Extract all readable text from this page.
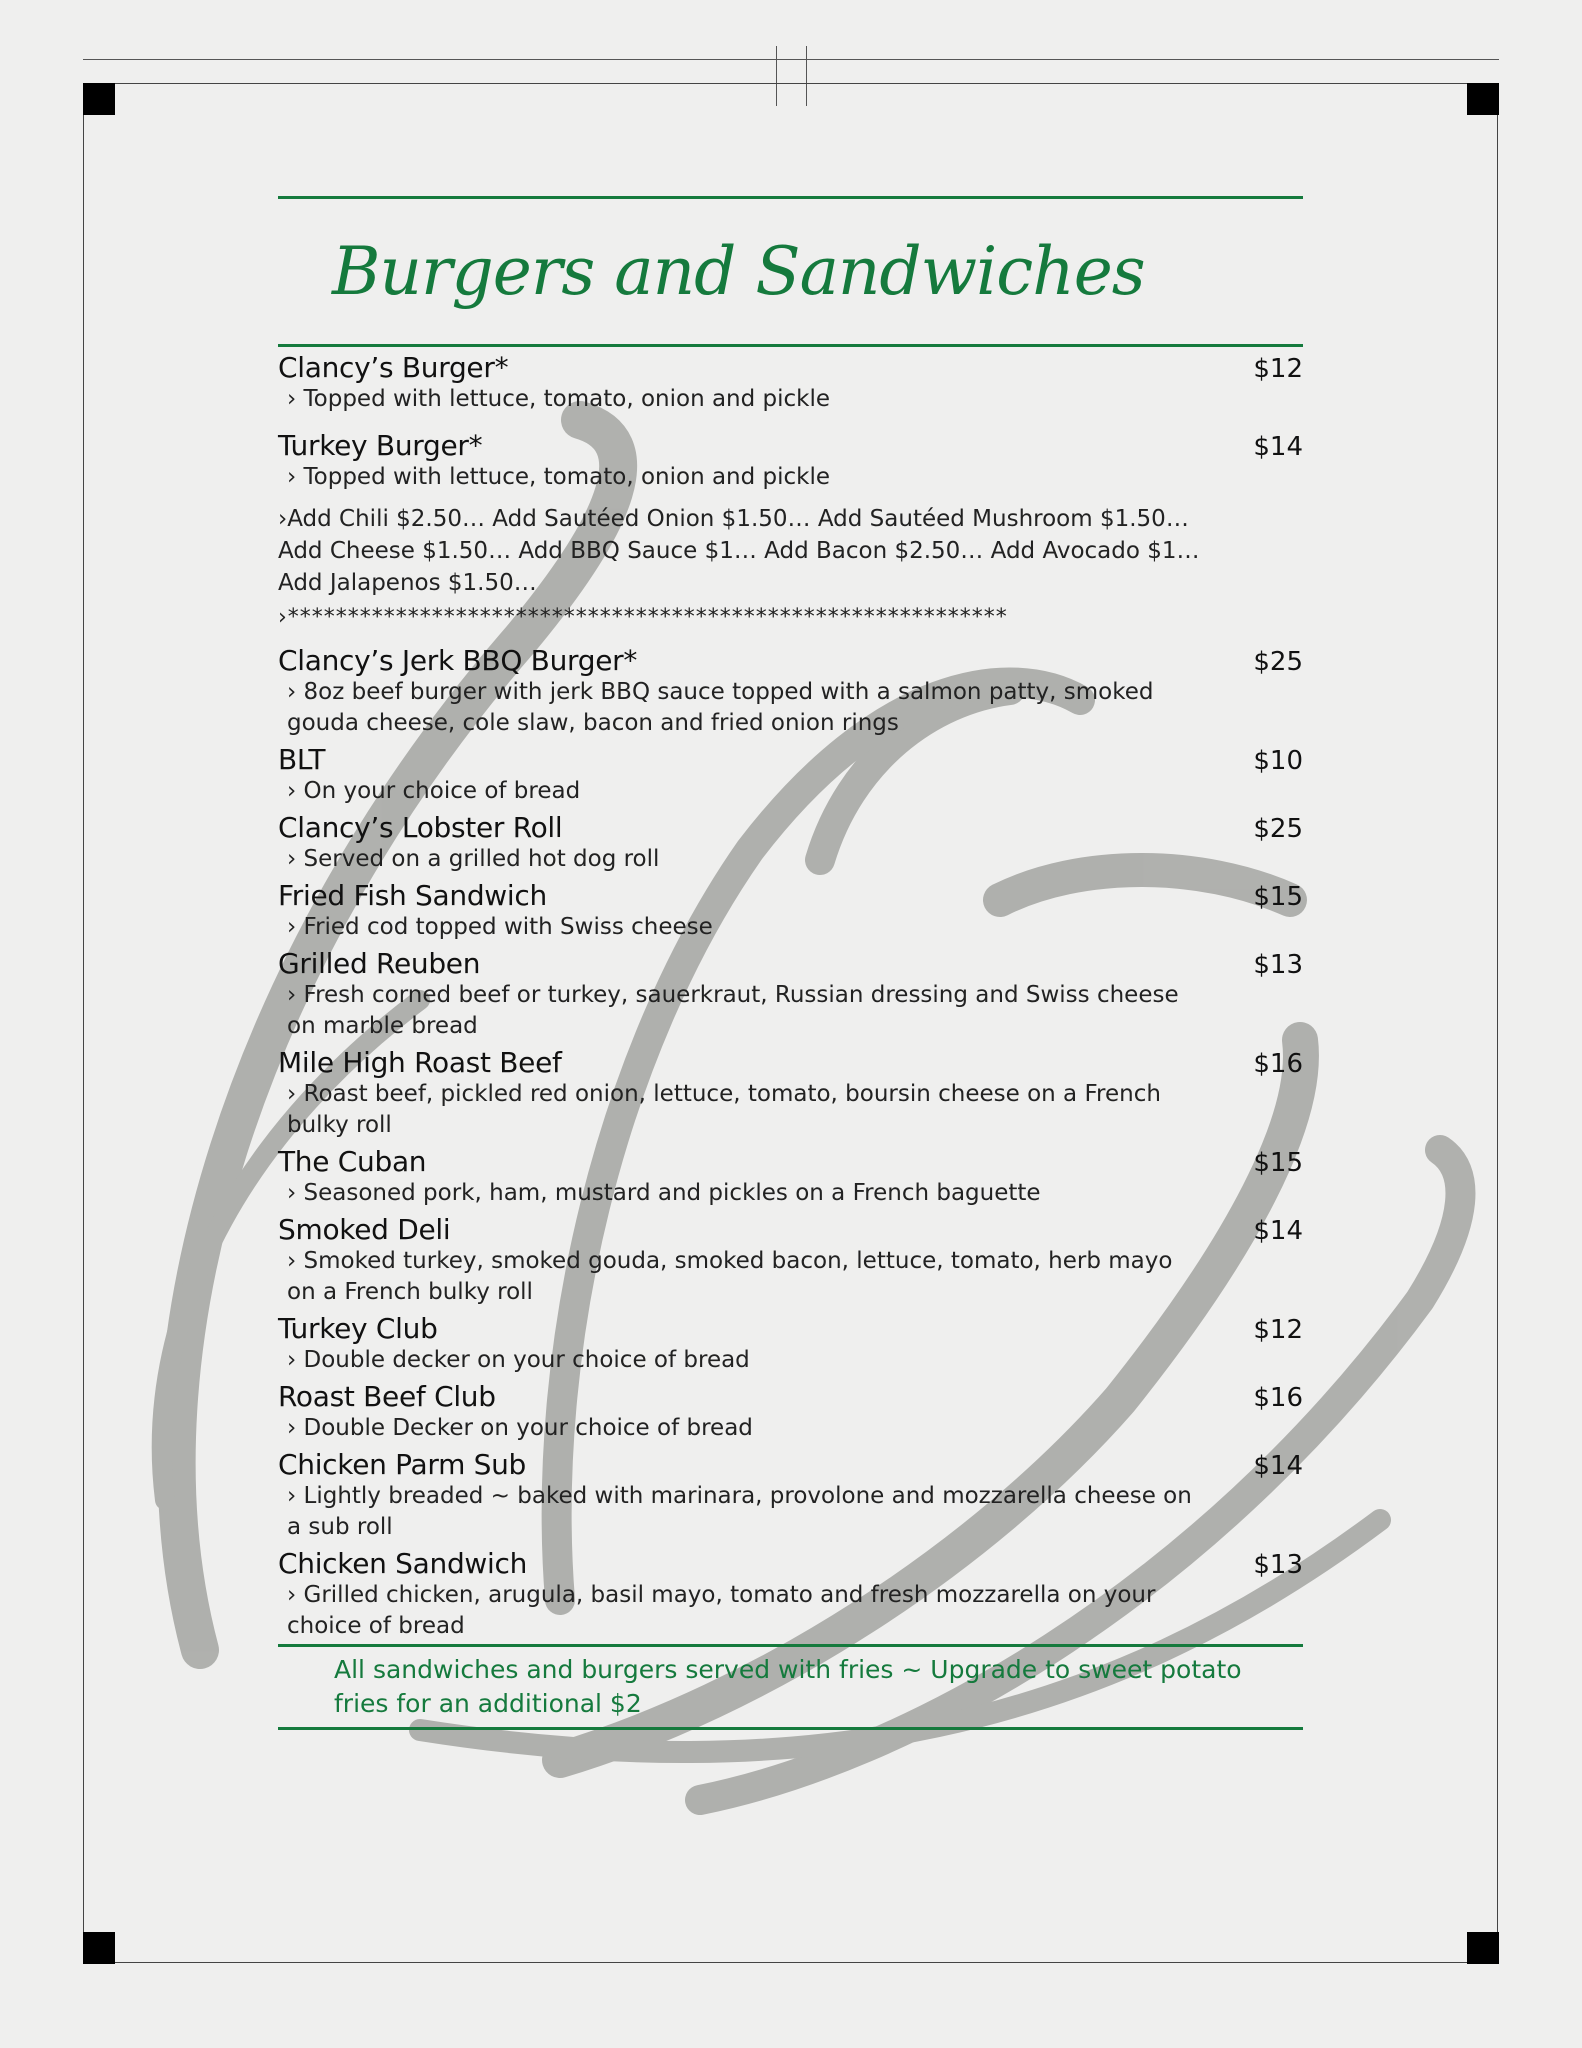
Burgers and Sandwiches
Clancy’s Burger*	$12
› Topped with lettuce, tomato, onion and pickle
Turkey Burger*	$14
› Topped with lettuce, tomato, onion and pickle
›Add Chili $2.50… Add Sautéed Onion $1.50… Add Sautéed Mushroom $1.50… Add Cheese $1.50… Add BBQ Sauce $1… Add Bacon $2.50… Add Avocado $1… Add Jalapenos $1.50…
›************************************************************
Clancy’s Jerk BBQ Burger*	$25
› 8oz beef burger with jerk BBQ sauce topped with a salmon patty, smoked gouda cheese, cole slaw, bacon and fried onion rings
BLT	$10
› On your choice of bread
Clancy’s Lobster Roll	$25
› Served on a grilled hot dog roll
Fried Fish Sandwich	$15
› Fried cod topped with Swiss cheese
Grilled Reuben	$13
› Fresh corned beef or turkey, sauerkraut, Russian dressing and Swiss cheese on marble bread
Mile High Roast Beef	$16
› Roast beef, pickled red onion, lettuce, tomato, boursin cheese on a French bulky roll
The Cuban	$15
› Seasoned pork, ham, mustard and pickles on a French baguette
Smoked Deli	$14
› Smoked turkey, smoked gouda, smoked bacon, lettuce, tomato, herb mayo on a French bulky roll
Turkey Club	$12
› Double decker on your choice of bread
Roast Beef Club	$16
› Double Decker on your choice of bread
Chicken Parm Sub	$14
› Lightly breaded ~ baked with marinara, provolone and mozzarella cheese on a sub roll
Chicken Sandwich	$13
› Grilled chicken, arugula, basil mayo, tomato and fresh mozzarella on your choice of bread
All sandwiches and burgers served with fries ~ Upgrade to sweet potato fries for an additional $2
